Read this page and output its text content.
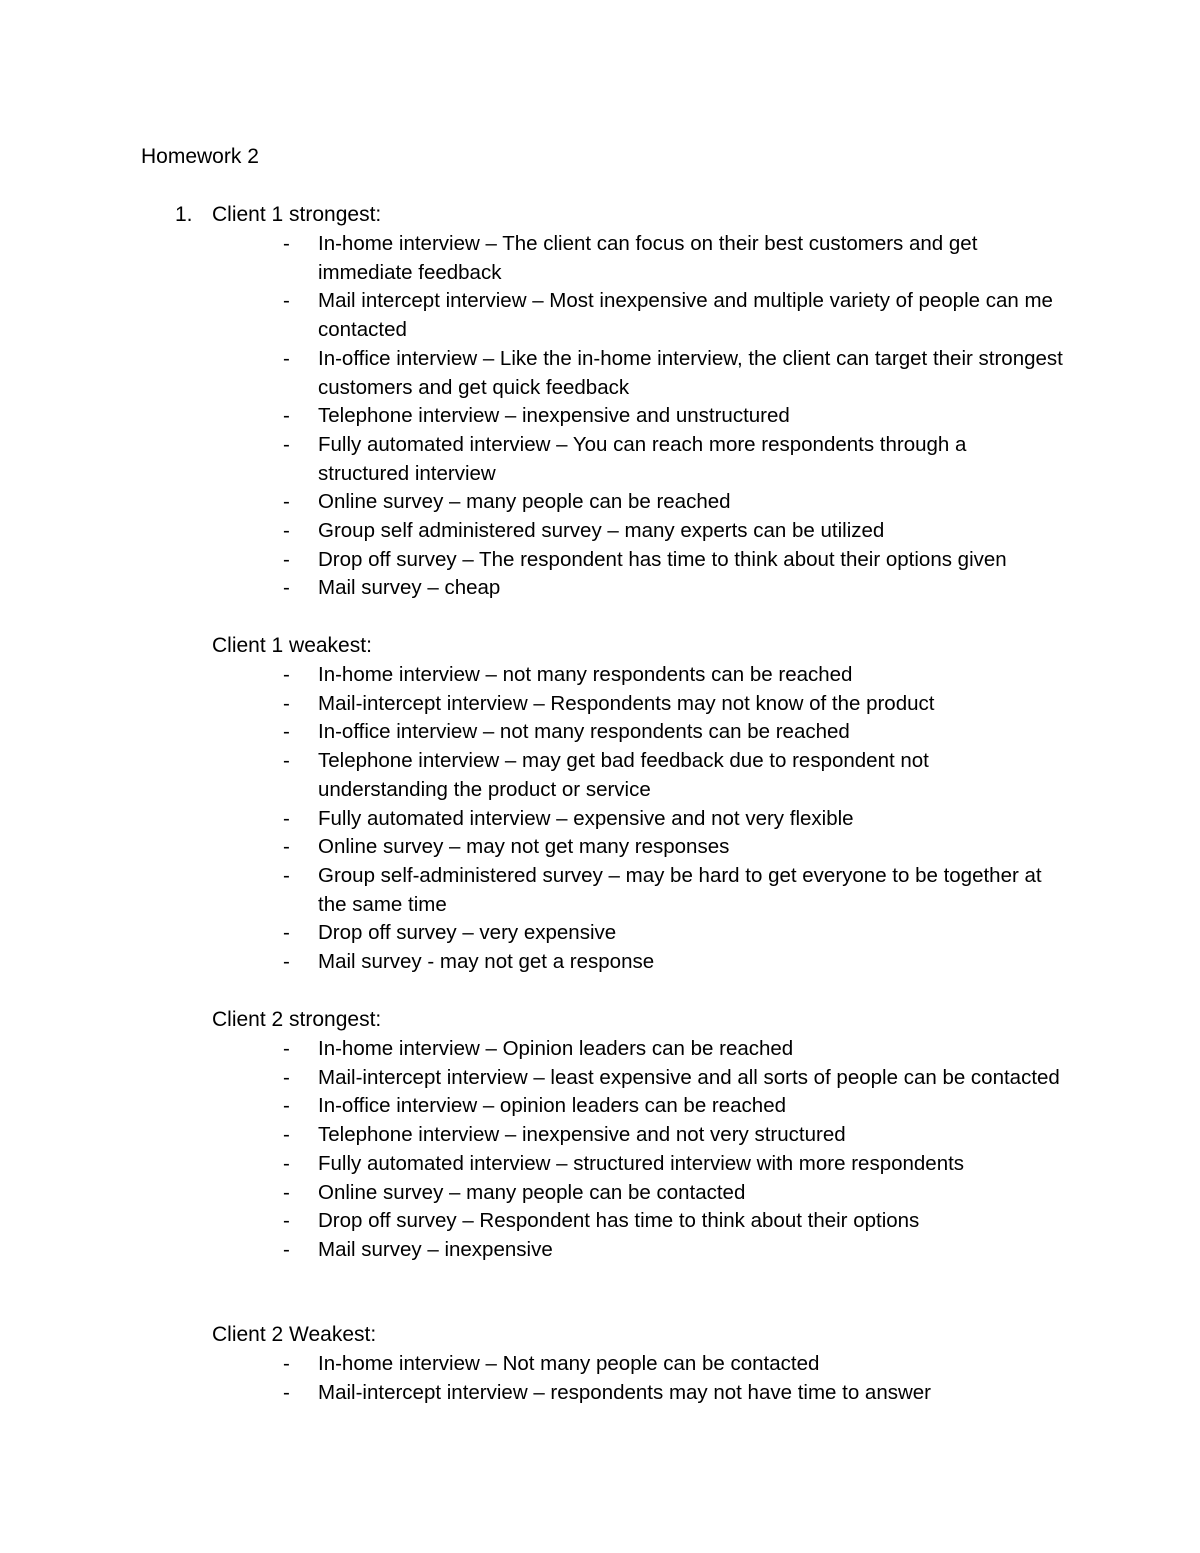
Homework 2
1. Client 1 strongest:
- In-home interview – The client can focus on their best customers and get immediate feedback
- Mail intercept interview – Most inexpensive and multiple variety of people can me contacted
- In-office interview – Like the in-home interview, the client can target their strongest customers and get quick feedback
- Telephone interview – inexpensive and unstructured
- Fully automated interview – You can reach more respondents through a structured interview
- Online survey – many people can be reached
- Group self administered survey – many experts can be utilized
- Drop off survey – The respondent has time to think about their options given
- Mail survey – cheap
Client 1 weakest:
- In-home interview – not many respondents can be reached
- Mail-intercept interview – Respondents may not know of the product
- In-office interview – not many respondents can be reached
- Telephone interview – may get bad feedback due to respondent not understanding the product or service
- Fully automated interview – expensive and not very flexible
- Online survey – may not get many responses
- Group self-administered survey – may be hard to get everyone to be together at the same time
- Drop off survey – very expensive
- Mail survey - may not get a response
Client 2 strongest:
- In-home interview – Opinion leaders can be reached
- Mail-intercept interview – least expensive and all sorts of people can be contacted
- In-office interview – opinion leaders can be reached
- Telephone interview – inexpensive and not very structured
- Fully automated interview – structured interview with more respondents
- Online survey – many people can be contacted
- Drop off survey – Respondent has time to think about their options
- Mail survey – inexpensive
Client 2 Weakest:
- In-home interview – Not many people can be contacted
- Mail-intercept interview – respondents may not have time to answer
